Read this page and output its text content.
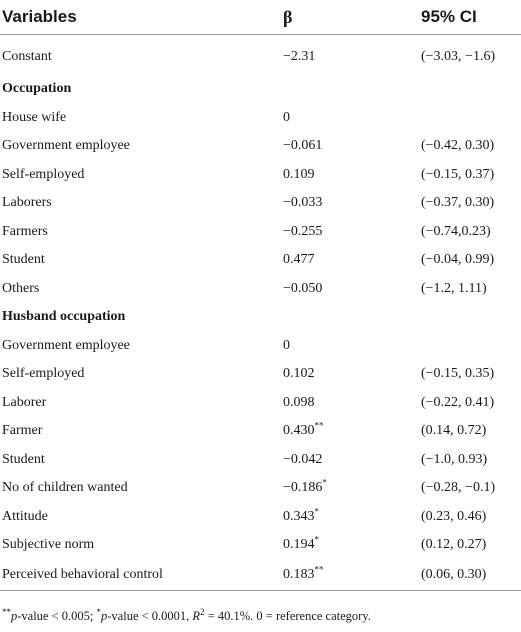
Variables	β	95% CI
Constant	−2.31	(−3.03, −1.6)
Occupation		
House wife	0	
Government employee	−0.061	(−0.42, 0.30)
Self-employed	0.109	(−0.15, 0.37)
Laborers	−0.033	(−0.37, 0.30)
Farmers	−0.255	(−0.74,0.23)
Student	0.477	(−0.04, 0.99)
Others	−0.050	(−1.2, 1.11)
Husband occupation		
Government employee	0	
Self-employed	0.102	(−0.15, 0.35)
Laborer	0.098	(−0.22, 0.41)
Farmer	0.430**	(0.14, 0.72)
Student	−0.042	(−1.0, 0.93)
No of children wanted	−0.186*	(−0.28, −0.1)
Attitude	0.343*	(0.23, 0.46)
Subjective norm	0.194*	(0.12, 0.27)
Perceived behavioral control	0.183**	(0.06, 0.30)
**p-value < 0.005; *p-value < 0.0001, $R^2 = 40.1\%$. 0 = reference category.
